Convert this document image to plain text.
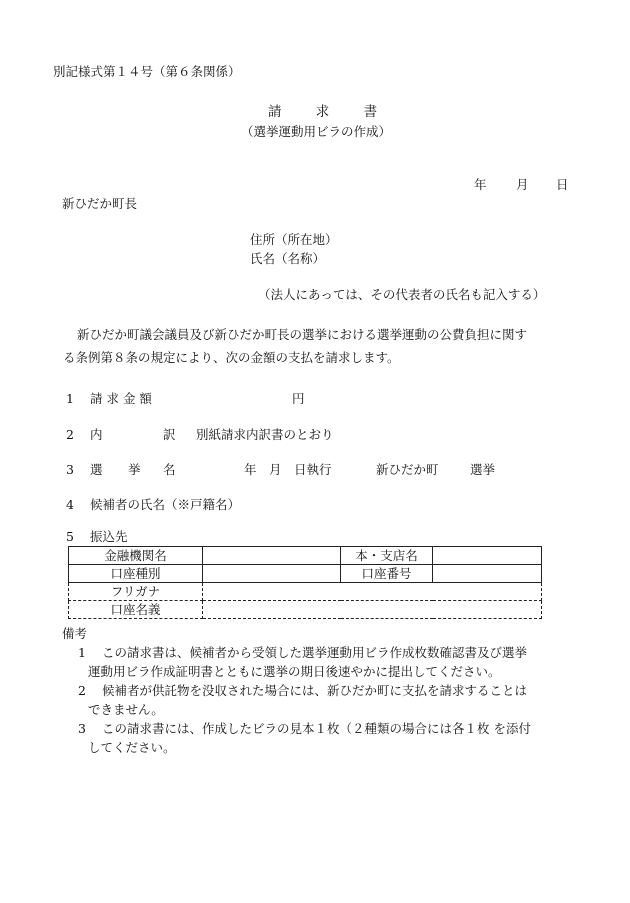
別記様式第１４号（第６条関係）
請	求	書
（選挙運動用ビラの作成）
年 月 日
新ひだか町長
住所（所在地）
氏名（名称）
（法人にあっては、その代表者の氏名も記入する）
新ひだか町議会議員及び新ひだか町長の選挙における選挙運動の公費負担に関す
る条例第８条の規定により、次の金額の支払を請求します。
1 請 求 金 額	円
2 内	訳 別紙請求内訳書のとおり
3 選 挙 名	年　月　日執行	新ひだか町	選挙
4 候補者の氏名（※戸籍名）
5 振込先
金融機関名		本・支店名	
口座種別		口座番号	
フリガナ			
口座名義			
備考
1	この請求書は、候補者から受領した選挙運動用ビラ作成枚数確認書及び選挙
運動用ビラ作成証明書とともに選挙の期日後速やかに提出してください。
2	候補者が供託物を没収された場合には、新ひだか町に支払を請求することは
できません。
3	この請求書には、作成したビラの見本１枚（２種類の場合には各１枚 を添付
してください。
